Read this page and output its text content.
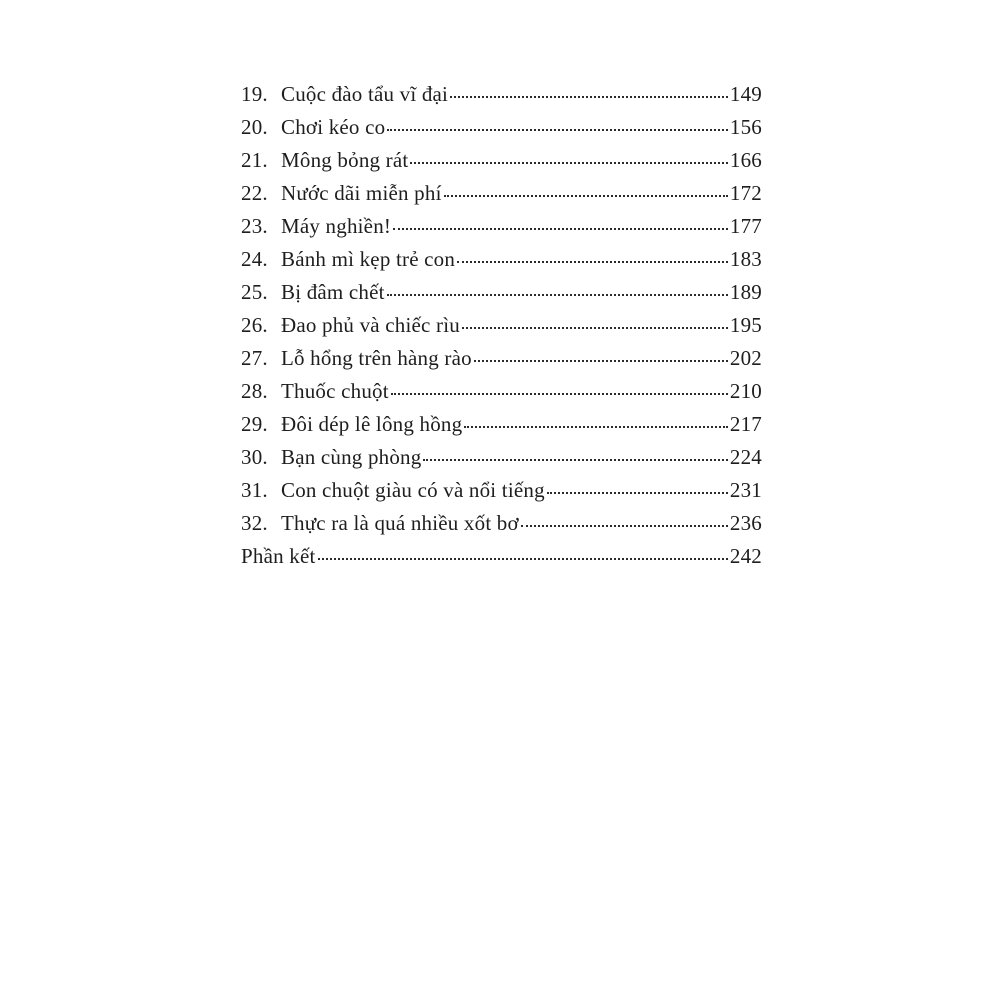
19. Cuộc đào tẩu vĩ đại	149
20. Chơi kéo co	156
21. Mông bỏng rát	166
22. Nước dãi miễn phí	172
23. Máy nghiền!	177
24. Bánh mì kẹp trẻ con	183
25. Bị đâm chết	189
26. Đao phủ và chiếc rìu	195
27. Lỗ hổng trên hàng rào	202
28. Thuốc chuột	210
29. Đôi dép lê lông hồng	217
30. Bạn cùng phòng	224
31. Con chuột giàu có và nổi tiếng	231
32. Thực ra là quá nhiều xốt bơ	236
Phần kết	242
